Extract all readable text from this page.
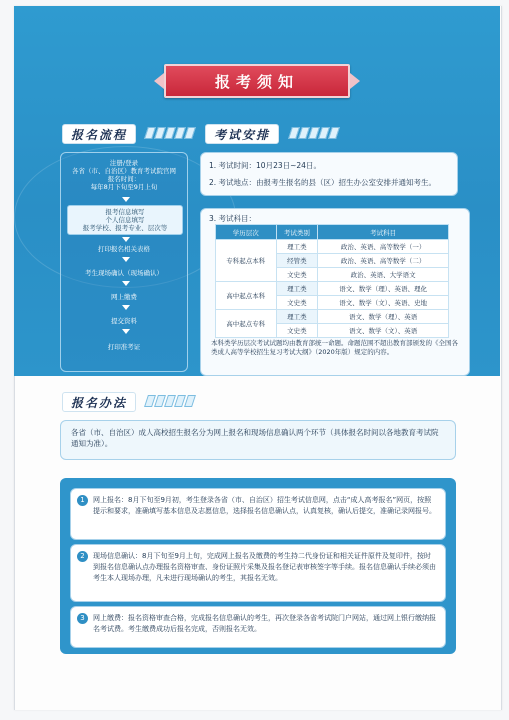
报考须知
报名流程	考试安排
注册/登录
各省（市、自治区）教育考试院官网
报名时间：
每年8月下旬至9月上旬
报考信息填写
个人信息填写
报考学校、报考专业、层次等
打印报名相关表格
考生现场确认（现场确认）
网上缴费
提交资料
打印准考证
1. 考试时间：10月23日~24日。
2. 考试地点：由报考生报名的县（区）招生办公室安排并通知考生。
3. 考试科目：
学历层次	考试类别	考试科目
专科起点本科	理工类	政治、英语、高等数学（一）
	经管类	政治、英语、高等数学（二）
	文史类	政治、英语、大学语文
高中起点本科	理工类	语文、数学（理）、英语、理化
	文史类	语文、数学（文）、英语、史地
高中起点专科	理工类	语文、数学（理）、英语
	文史类	语文、数学（文）、英语
本科类学历层次考试试题均由教育部统一命题。命题范围不超出教育部颁发的《全国各类成人高等学校招生复习考试大纲》（2020年版）规定的内容。
报名办法
各省（市、自治区）成人高校招生报名分为网上报名和现场信息确认两个环节（具体报名时间以各地教育考试院通知为准）。
1	网上报名：8月下旬至9月初，考生登录各省（市、自治区）招生考试信息网，点击“成人高考报名”网页，按照提示和要求，准确填写基本信息及志愿信息，选择报名信息确认点，认真复核，确认后提交，准确记录网报号。
2	现场信息确认：8月下旬至9月上旬，完成网上报名及缴费的考生持二代身份证和相关证件原件及复印件，按时到报名信息确认点办理报名资格审查、身份证照片采集及报名登记表审核签字等手续。报名信息确认手续必须由考生本人现场办理，凡未进行现场确认的考生，其报名无效。
3	网上缴费：报名资格审查合格，完成报名信息确认的考生，再次登录各省考试院门户网站，通过网上银行缴纳报名考试费。考生缴费成功后报名完成，否则报名无效。
